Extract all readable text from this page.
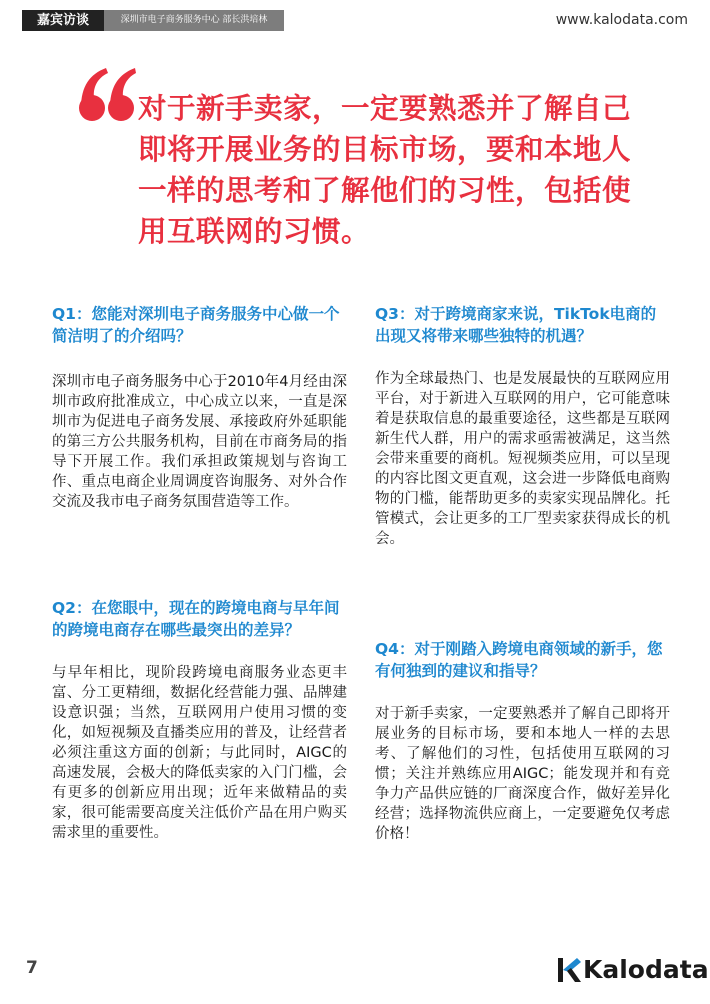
嘉宾访谈	深圳市电子商务服务中心 部长洪培林	www.kalodata.com
对于新手卖家，一定要熟悉并了解自己即将开展业务的目标市场，要和本地人一样的思考和了解他们的习性，包括使用互联网的习惯。
Q1：您能对深圳电子商务服务中心做一个简洁明了的介绍吗？
深圳市电子商务服务中心于2010年4月经由深圳市政府批准成立，中心成立以来，一直是深圳市为促进电子商务发展、承接政府外延职能的第三方公共服务机构，目前在市商务局的指导下开展工作。我们承担政策规划与咨询工作、重点电商企业周调度咨询服务、对外合作交流及我市电子商务氛围营造等工作。
Q2：在您眼中，现在的跨境电商与早年间的跨境电商存在哪些最突出的差异？
与早年相比，现阶段跨境电商服务业态更丰富、分工更精细，数据化经营能力强、品牌建设意识强；当然，互联网用户使用习惯的变化，如短视频及直播类应用的普及，让经营者必须注重这方面的创新；与此同时，AIGC的高速发展，会极大的降低卖家的入门门槛，会有更多的创新应用出现；近年来做精品的卖家，很可能需要高度关注低价产品在用户购买需求里的重要性。
Q3：对于跨境商家来说，TikTok电商的出现又将带来哪些独特的机遇？
作为全球最热门、也是发展最快的互联网应用平台，对于新进入互联网的用户，它可能意味着是获取信息的最重要途径，这些都是互联网新生代人群，用户的需求亟需被满足，这当然会带来重要的商机。短视频类应用，可以呈现的内容比图文更直观，这会进一步降低电商购物的门槛，能帮助更多的卖家实现品牌化。托管模式，会让更多的工厂型卖家获得成长的机会。
Q4：对于刚踏入跨境电商领域的新手，您有何独到的建议和指导？
对于新手卖家，一定要熟悉并了解自己即将开展业务的目标市场，要和本地人一样的去思考、了解他们的习性，包括使用互联网的习惯；关注并熟练应用AIGC；能发现并和有竞争力产品供应链的厂商深度合作，做好差异化经营；选择物流供应商上，一定要避免仅考虑价格！
7	Kalodata
